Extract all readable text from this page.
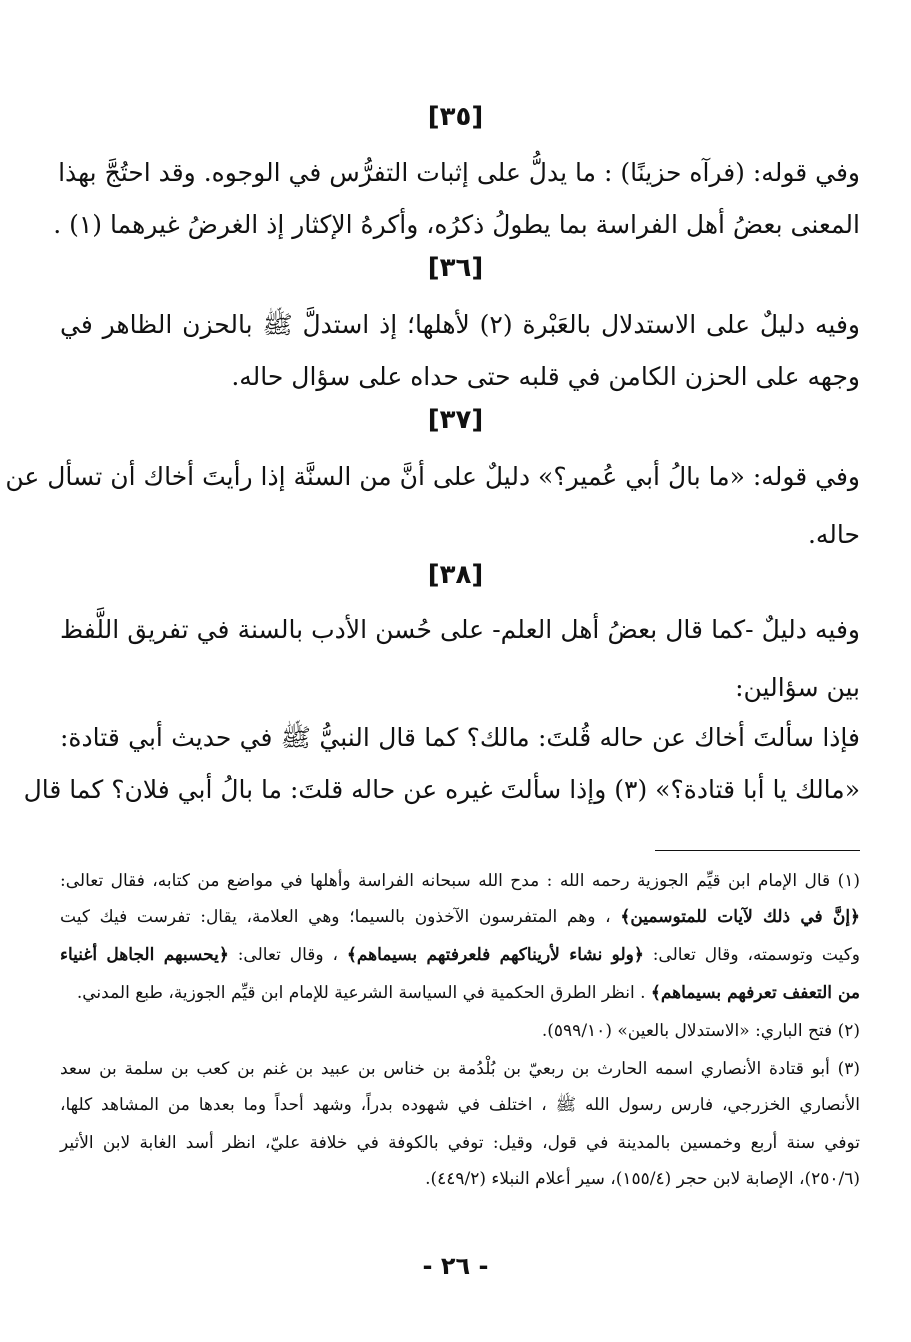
[٣٥]
وفي قوله: (فرآه حزينًا) : ما يدلُّ على إثبات التفرُّس في الوجوه. وقد احتُجَّ بهذا
المعنى بعضُ أهل الفراسة بما يطولُ ذكرُه، وأكرهُ الإكثار إذ الغرضُ غيرهما (١) .
[٣٦]
وفيه دليلٌ على الاستدلال بالعَبْرة (٢) لأهلها؛ إذ استدلَّ ﷺ بالحزن الظاهر في
وجهه على الحزن الكامن في قلبه حتى حداه على سؤال حاله.
[٣٧]
وفي قوله: «ما بالُ أبي عُمير؟» دليلٌ على أنَّ من السنَّة إذا رأيتَ أخاك أن تسأل عن
حاله.
[٣٨]
وفيه دليلٌ -كما قال بعضُ أهل العلم- على حُسن الأدب بالسنة في تفريق اللَّفظ
بين سؤالين:
فإذا سألتَ أخاك عن حاله قُلتَ: مالك؟ كما قال النبيُّ ﷺ في حديث أبي قتادة:
«مالك يا أبا قتادة؟» (٣) وإذا سألتَ غيره عن حاله قلتَ: ما بالُ أبي فلان؟ كما قال
(١) قال الإمام ابن قيِّم الجوزية رحمه الله : مدح الله سبحانه الفراسة وأهلها في مواضع من كتابه، فقال تعالى:
﴿إنَّ في ذلك لآيات للمتوسمين﴾ ، وهم المتفرسون الآخذون بالسيما؛ وهي العلامة، يقال: تفرست فيك كيت
وكيت وتوسمته، وقال تعالى: ﴿ولو نشاء لأريناكهم فلعرفتهم بسيماهم﴾ ، وقال تعالى: ﴿يحسبهم الجاهل أغنياء
من التعفف تعرفهم بسيماهم﴾ . انظر الطرق الحكمية في السياسة الشرعية للإمام ابن قيِّم الجوزية، طبع المدني.
(٢) فتح الباري: «الاستدلال بالعين» (٥٩٩/١٠).
(٣) أبو قتادة الأنصاري اسمه الحارث بن ربعيّ بن بُلْدُمة بن خناس بن عبيد بن غنم بن كعب بن سلمة بن سعد
الأنصاري الخزرجي، فارس رسول الله ﷺ ، اختلف في شهوده بدراً، وشهد أحداً وما بعدها من المشاهد كلها،
توفي سنة أربع وخمسين بالمدينة في قول، وقيل: توفي بالكوفة في خلافة عليّ، انظر أسد الغابة لابن الأثير
(٢٥٠/٦)، الإصابة لابن حجر (١٥٥/٤)، سير أعلام النبلاء (٤٤٩/٢).
- ٢٦ -
